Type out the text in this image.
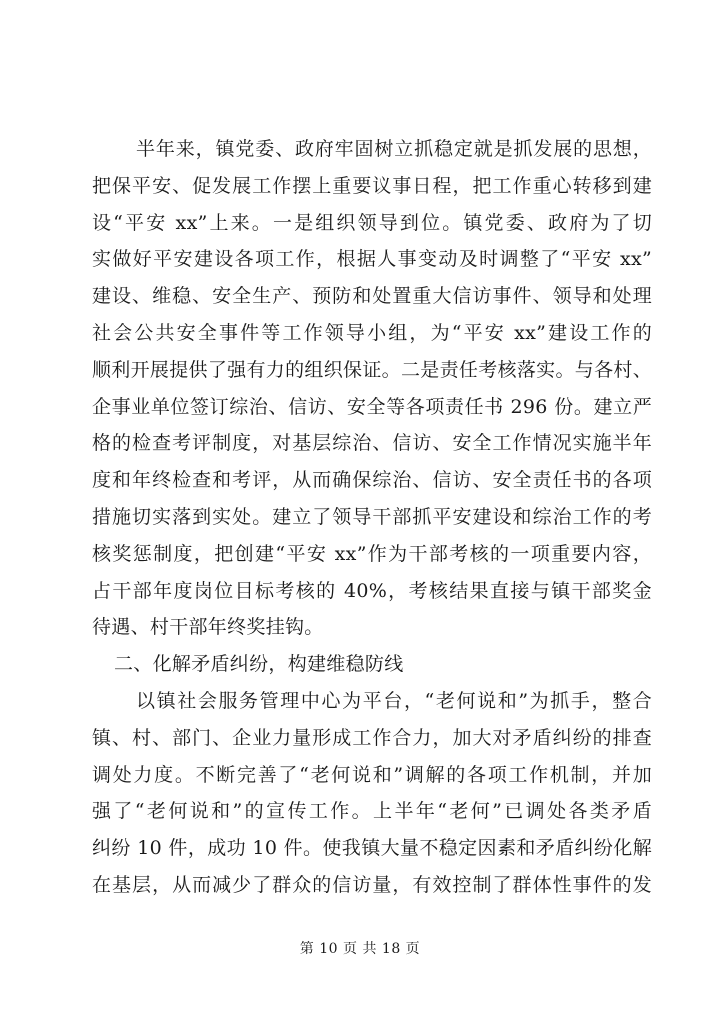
半年来，镇党委、政府牢固树立抓稳定就是抓发展的思想，
把保平安、促发展工作摆上重要议事日程，把工作重心转移到建
设“平安 xx”上来。一是组织领导到位。镇党委、政府为了切
实做好平安建设各项工作，根据人事变动及时调整了“平安 xx”
建设、维稳、安全生产、预防和处置重大信访事件、领导和处理
社会公共安全事件等工作领导小组，为“平安 xx”建设工作的
顺利开展提供了强有力的组织保证。二是责任考核落实。与各村、
企事业单位签订综治、信访、安全等各项责任书 296 份。建立严
格的检查考评制度，对基层综治、信访、安全工作情况实施半年
度和年终检查和考评，从而确保综治、信访、安全责任书的各项
措施切实落到实处。建立了领导干部抓平安建设和综治工作的考
核奖惩制度，把创建“平安 xx”作为干部考核的一项重要内容，
占干部年度岗位目标考核的 40%，考核结果直接与镇干部奖金
待遇、村干部年终奖挂钩。
二、化解矛盾纠纷，构建维稳防线
以镇社会服务管理中心为平台，“老何说和”为抓手，整合
镇、村、部门、企业力量形成工作合力，加大对矛盾纠纷的排查
调处力度。不断完善了“老何说和”调解的各项工作机制，并加
强了“老何说和”的宣传工作。上半年“老何”已调处各类矛盾
纠纷 10 件，成功 10 件。使我镇大量不稳定因素和矛盾纠纷化解
在基层，从而减少了群众的信访量，有效控制了群体性事件的发
第 10 页 共 18 页
